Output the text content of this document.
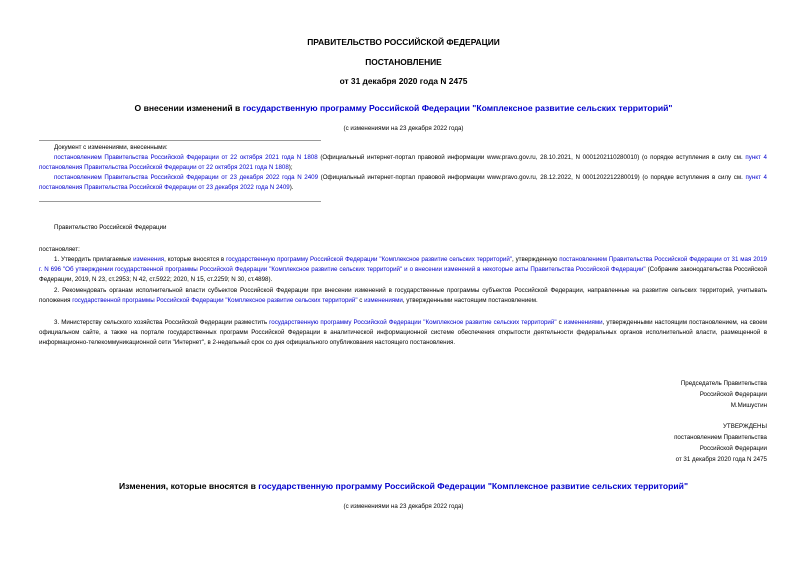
ПРАВИТЕЛЬСТВО РОССИЙСКОЙ ФЕДЕРАЦИИ
ПОСТАНОВЛЕНИЕ
от 31 декабря 2020 года N 2475
О внесении изменений в государственную программу Российской Федерации "Комплексное развитие сельских территорий"
(с изменениями на 23 декабря 2022 года)
Документ с изменениями, внесенными:
постановлением Правительства Российской Федерации от 22 октября 2021 года N 1808 (Официальный интернет-портал правовой информации www.pravo.gov.ru, 28.10.2021, N 0001202110280010) (о порядке вступления в силу см. пункт 4 постановления Правительства Российской Федерации от 22 октября 2021 года N 1808);
постановлением Правительства Российской Федерации от 23 декабря 2022 года N 2409 (Официальный интернет-портал правовой информации www.pravo.gov.ru, 28.12.2022, N 0001202212280019) (о порядке вступления в силу см. пункт 4 постановления Правительства Российской Федерации от 23 декабря 2022 года N 2409).
Правительство Российской Федерации
постановляет:
1. Утвердить прилагаемые изменения, которые вносятся в государственную программу Российской Федерации "Комплексное развитие сельских территорий", утвержденную постановлением Правительства Российской Федерации от 31 мая 2019 г. N 696 "Об утверждении государственной программы Российской Федерации "Комплексное развитие сельских территорий" и о внесении изменений в некоторые акты Правительства Российской Федерации" (Собрание законодательства Российской Федерации, 2019, N 23, ст.2953; N 42, ст.5922; 2020, N 15, ст.2259; N 30, ст.4898).
2. Рекомендовать органам исполнительной власти субъектов Российской Федерации при внесении изменений в государственные программы субъектов Российской Федерации, направленные на развитие сельских территорий, учитывать положения государственной программы Российской Федерации "Комплексное развитие сельских территорий" с изменениями, утвержденными настоящим постановлением.
3. Министерству сельского хозяйства Российской Федерации разместить государственную программу Российской Федерации "Комплексное развитие сельских территорий" с изменениями, утвержденными настоящим постановлением, на своем официальном сайте, а также на портале государственных программ Российской Федерации в аналитической информационной системе обеспечения открытости деятельности федеральных органов исполнительной власти, размещенной в информационно-телекоммуникационной сети "Интернет", в 2-недельный срок со дня официального опубликования настоящего постановления.
Председатель Правительства
Российской Федерации
М.Мишустин
УТВЕРЖДЕНЫ
постановлением Правительства
Российской Федерации
от 31 декабря 2020 года N 2475
Изменения, которые вносятся в государственную программу Российской Федерации "Комплексное развитие сельских территорий"
(с изменениями на 23 декабря 2022 года)
